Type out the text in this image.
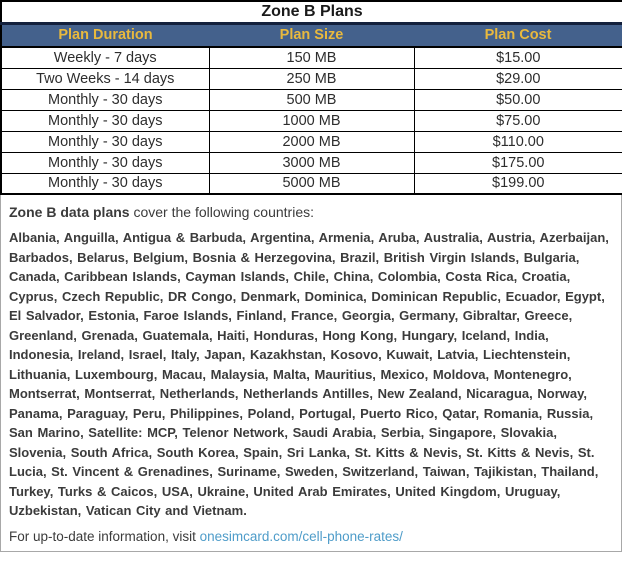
Zone B Plans		
Plan Duration	Plan Size	Plan Cost
Weekly - 7 days	150 MB	$15.00
Two Weeks - 14 days	250 MB	$29.00
Monthly - 30 days	500 MB	$50.00
Monthly - 30 days	1000 MB	$75.00
Monthly - 30 days	2000 MB	$110.00
Monthly - 30 days	3000 MB	$175.00
Monthly - 30 days	5000 MB	$199.00
Zone B data plans cover the following countries:
Albania, Anguilla, Antigua & Barbuda, Argentina, Armenia, Aruba, Australia, Austria, Azerbaijan, Barbados, Belarus, Belgium, Bosnia & Herzegovina, Brazil, British Virgin Islands, Bulgaria, Canada, Caribbean Islands, Cayman Islands, Chile, China, Colombia, Costa Rica, Croatia, Cyprus, Czech Republic, DR Congo, Denmark, Dominica, Dominican Republic, Ecuador, Egypt, El Salvador, Estonia, Faroe Islands, Finland, France, Georgia, Germany, Gibraltar, Greece, Greenland, Grenada, Guatemala, Haiti, Honduras, Hong Kong, Hungary, Iceland, India, Indonesia, Ireland, Israel, Italy, Japan, Kazakhstan, Kosovo, Kuwait, Latvia, Liechtenstein, Lithuania, Luxembourg, Macau, Malaysia, Malta, Mauritius, Mexico, Moldova, Montenegro, Montserrat, Montserrat, Netherlands, Netherlands Antilles, New Zealand, Nicaragua, Norway, Panama, Paraguay, Peru, Philippines, Poland, Portugal, Puerto Rico, Qatar, Romania, Russia, San Marino, Satellite: MCP, Telenor Network, Saudi Arabia, Serbia, Singapore, Slovakia, Slovenia, South Africa, South Korea, Spain, Sri Lanka, St. Kitts & Nevis, St. Kitts & Nevis, St. Lucia, St. Vincent & Grenadines, Suriname, Sweden, Switzerland, Taiwan, Tajikistan, Thailand, Turkey, Turks & Caicos, USA, Ukraine, United Arab Emirates, United Kingdom, Uruguay, Uzbekistan, Vatican City and Vietnam.
For up-to-date information, visit onesimcard.com/cell-phone-rates/
